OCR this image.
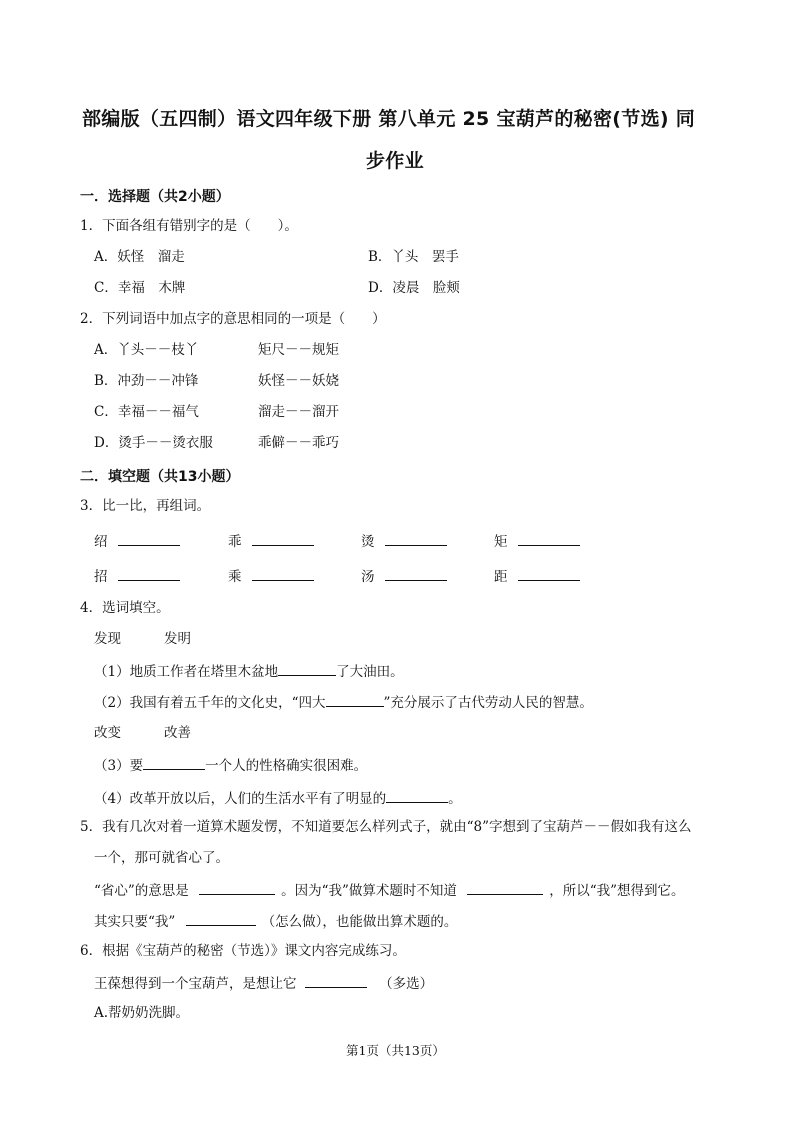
部编版（五四制）语文四年级下册 第八单元 25 宝葫芦的秘密(节选) 同
步作业
一．选择题（共2小题）
1．下面各组有错别字的是（　　）。
A．妖怪　溜走	B．丫头　罢手
C．幸福　木牌	D．凌晨　脸颊
2．下列词语中加点字的意思相同的一项是（　　）
A．丫头－－枝丫	矩尺－－规矩
B．冲劲－－冲锋	妖怪－－妖娆
C．幸福－－福气	溜走－－溜开
D．烫手－－烫衣服	乖僻－－乖巧
二．填空题（共13小题）
3．比一比，再组词。
绍	乖	烫	矩
招	乘	汤	距
4．选词填空。
发现	发明
（1）地质工作者在塔里木盆地	了大油田。
（2）我国有着五千年的文化史，“四大	”充分展示了古代劳动人民的智慧。
改变	改善
（3）要	一个人的性格确实很困难。
（4）改革开放以后，人们的生活水平有了明显的	。
5．我有几次对着一道算术题发愣，不知道要怎么样列式子，就由“8”字想到了宝葫芦－－假如我有这么
一个，那可就省心了。
“省心”的意思是	。因为“我”做算术题时不知道	，所以“我”想得到它。
其实只要“我”	（怎么做），也能做出算术题的。
6．根据《宝葫芦的秘密（节选）》课文内容完成练习。
王葆想得到一个宝葫芦，是想让它	（多选）
A.帮奶奶洗脚。
第1页（共13页）
